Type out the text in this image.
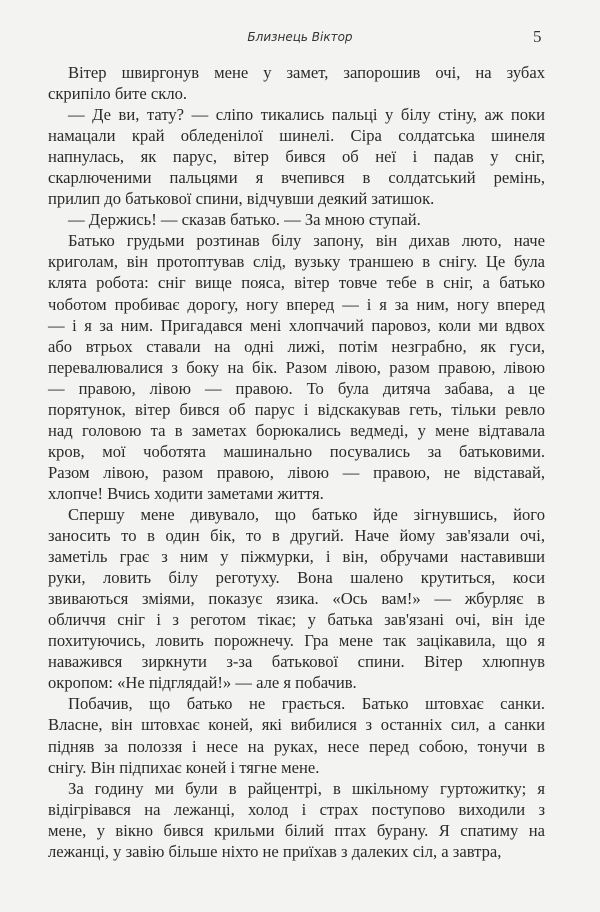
Близнець Віктор	5
Вітер швиргонув мене у замет, запорошив очі, на зубах
скрипіло бите скло.
— Де ви, тату? — сліпо тикались пальці у білу стіну, аж поки
намацали край обледенілої шинелі. Сіра солдатська шинеля
напнулась, як парус, вітер бився об неї і падав у сніг,
скарлюченими пальцями я вчепився в солдатський ремінь,
прилип до батькової спини, відчувши деякий затишок.
— Держись! — сказав батько. — За мною ступай.
Батько грудьми розтинав білу запону, він дихав люто, наче
криголам, він протоптував слід, вузьку траншею в снігу. Це була
клята робота: сніг вище пояса, вітер товче тебе в сніг, а батько
чоботом пробиває дорогу, ногу вперед — і я за ним, ногу вперед
— і я за ним. Пригадався мені хлопчачий паровоз, коли ми вдвох
або втрьох ставали на одні лижі, потім незграбно, як гуси,
перевалювалися з боку на бік. Разом лівою, разом правою, лівою
— правою, лівою — правою. То була дитяча забава, а це
порятунок, вітер бився об парус і відскакував геть, тільки ревло
над головою та в заметах борюкались ведмеді, у мене відтавала
кров, мої чоботята машинально посувались за батьковими.
Разом лівою, разом правою, лівою — правою, не відставай,
хлопче! Вчись ходити заметами життя.
Спершу мене дивувало, що батько йде зігнувшись, його
заносить то в один бік, то в другий. Наче йому зав'язали очі,
заметіль грає з ним у піжмурки, і він, обручами наставивши
руки, ловить білу реготуху. Вона шалено крутиться, коси
звиваються зміями, показує язика. «Ось вам!» — жбурляє в
обличчя сніг і з реготом тікає; у батька зав'язані очі, він іде
похитуючись, ловить порожнечу. Гра мене так зацікавила, що я
наважився зиркнути з-за батькової спини. Вітер хлюпнув
окропом: «Не підглядай!» — але я побачив.
Побачив, що батько не грається. Батько штовхає санки.
Власне, він штовхає коней, які вибилися з останніх сил, а санки
підняв за полоззя і несе на руках, несе перед собою, тонучи в
снігу. Він підпихає коней і тягне мене.
За годину ми були в райцентрі, в шкільному гуртожитку; я
відігрівався на лежанці, холод і страх поступово виходили з
мене, у вікно бився крильми білий птах бурану. Я спатиму на
лежанці, у завію більше ніхто не приїхав з далеких сіл, а завтра,
